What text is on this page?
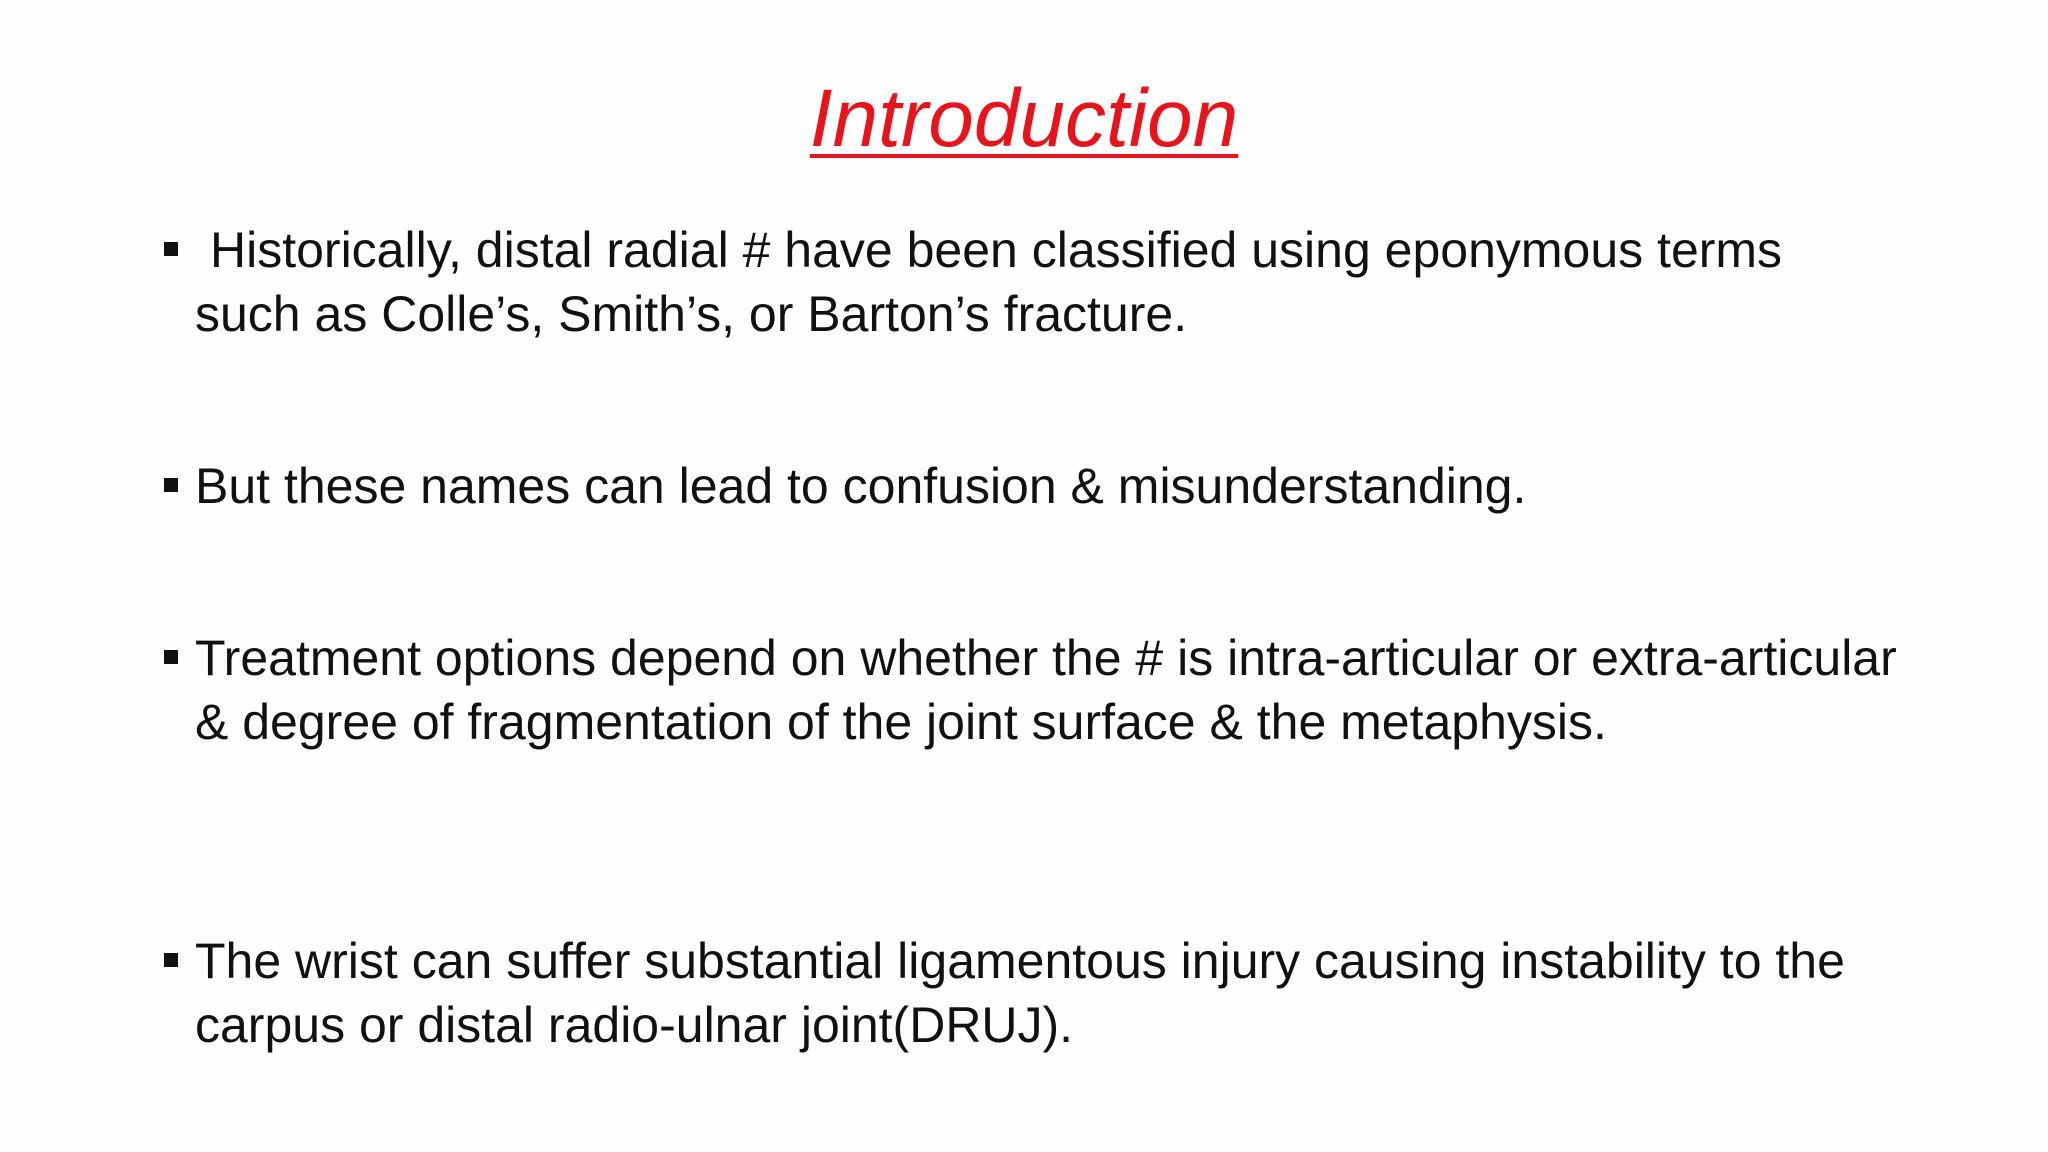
Introduction
Historically, distal radial # have been classified using eponymous terms such as Colle’s, Smith’s, or Barton’s fracture.
But these names can lead to confusion & misunderstanding.
Treatment options depend on whether the # is intra-articular or extra-articular & degree of fragmentation of the joint surface & the metaphysis.
The wrist can suffer substantial ligamentous injury causing instability to the carpus or distal radio-ulnar joint(DRUJ).
